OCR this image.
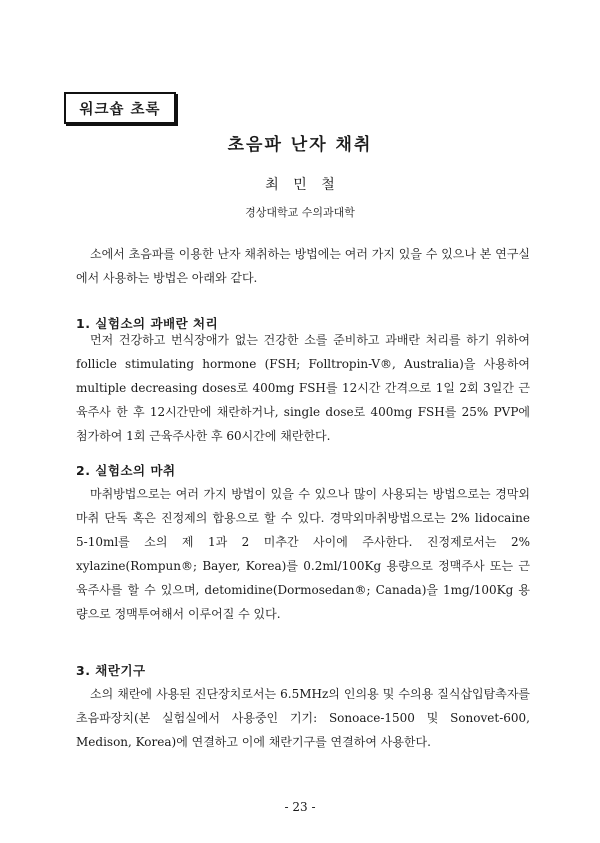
워크숍 초록
초음파 난자 채취
최 민 철
경상대학교 수의과대학

소에서 초음파를 이용한 난자 채취하는 방법에는 여러 가지 있을 수 있으나 본 연구실에서 사용하는 방법은 아래와 같다.

1. 실험소의 과배란 처리

먼저 건강하고 번식장애가 없는 건강한 소를 준비하고 과배란 처리를 하기 위하여 follicle stimulating hormone (FSH; Folltropin-V®, Australia)을 사용하여 multiple decreasing doses로 400mg FSH를 12시간 간격으로 1일 2회 3일간 근육주사 한 후 12시간만에 채란하거나, single dose로 400mg FSH를 25% PVP에 첨가하여 1회 근육주사한 후 60시간에 채란한다.

2. 실험소의 마취

마취방법으로는 여러 가지 방법이 있을 수 있으나 많이 사용되는 방법으로는 경막외마취 단독 혹은 진정제의 합용으로 할 수 있다. 경막외마취방법으로는 2% lidocaine 5-10ml를 소의 제 1과 2 미추간 사이에 주사한다. 진정제로서는 2% xylazine(Rompun®; Bayer, Korea)를 0.2ml/100Kg 용량으로 정맥주사 또는 근육주사를 할 수 있으며, detomidine(Dormosedan®; Canada)을 1mg/100Kg 용량으로 정맥투여해서 이루어질 수 있다.

3. 채란기구

소의 채란에 사용된 진단장치로서는 6.5MHz의 인의용 및 수의용 질식삽입탐촉자를 초음파장치(본 실험실에서 사용중인 기기: Sonoace-1500 및 Sonovet-600, Medison, Korea)에 연결하고 이에 채란기구를 연결하여 사용한다.

- 23 -
